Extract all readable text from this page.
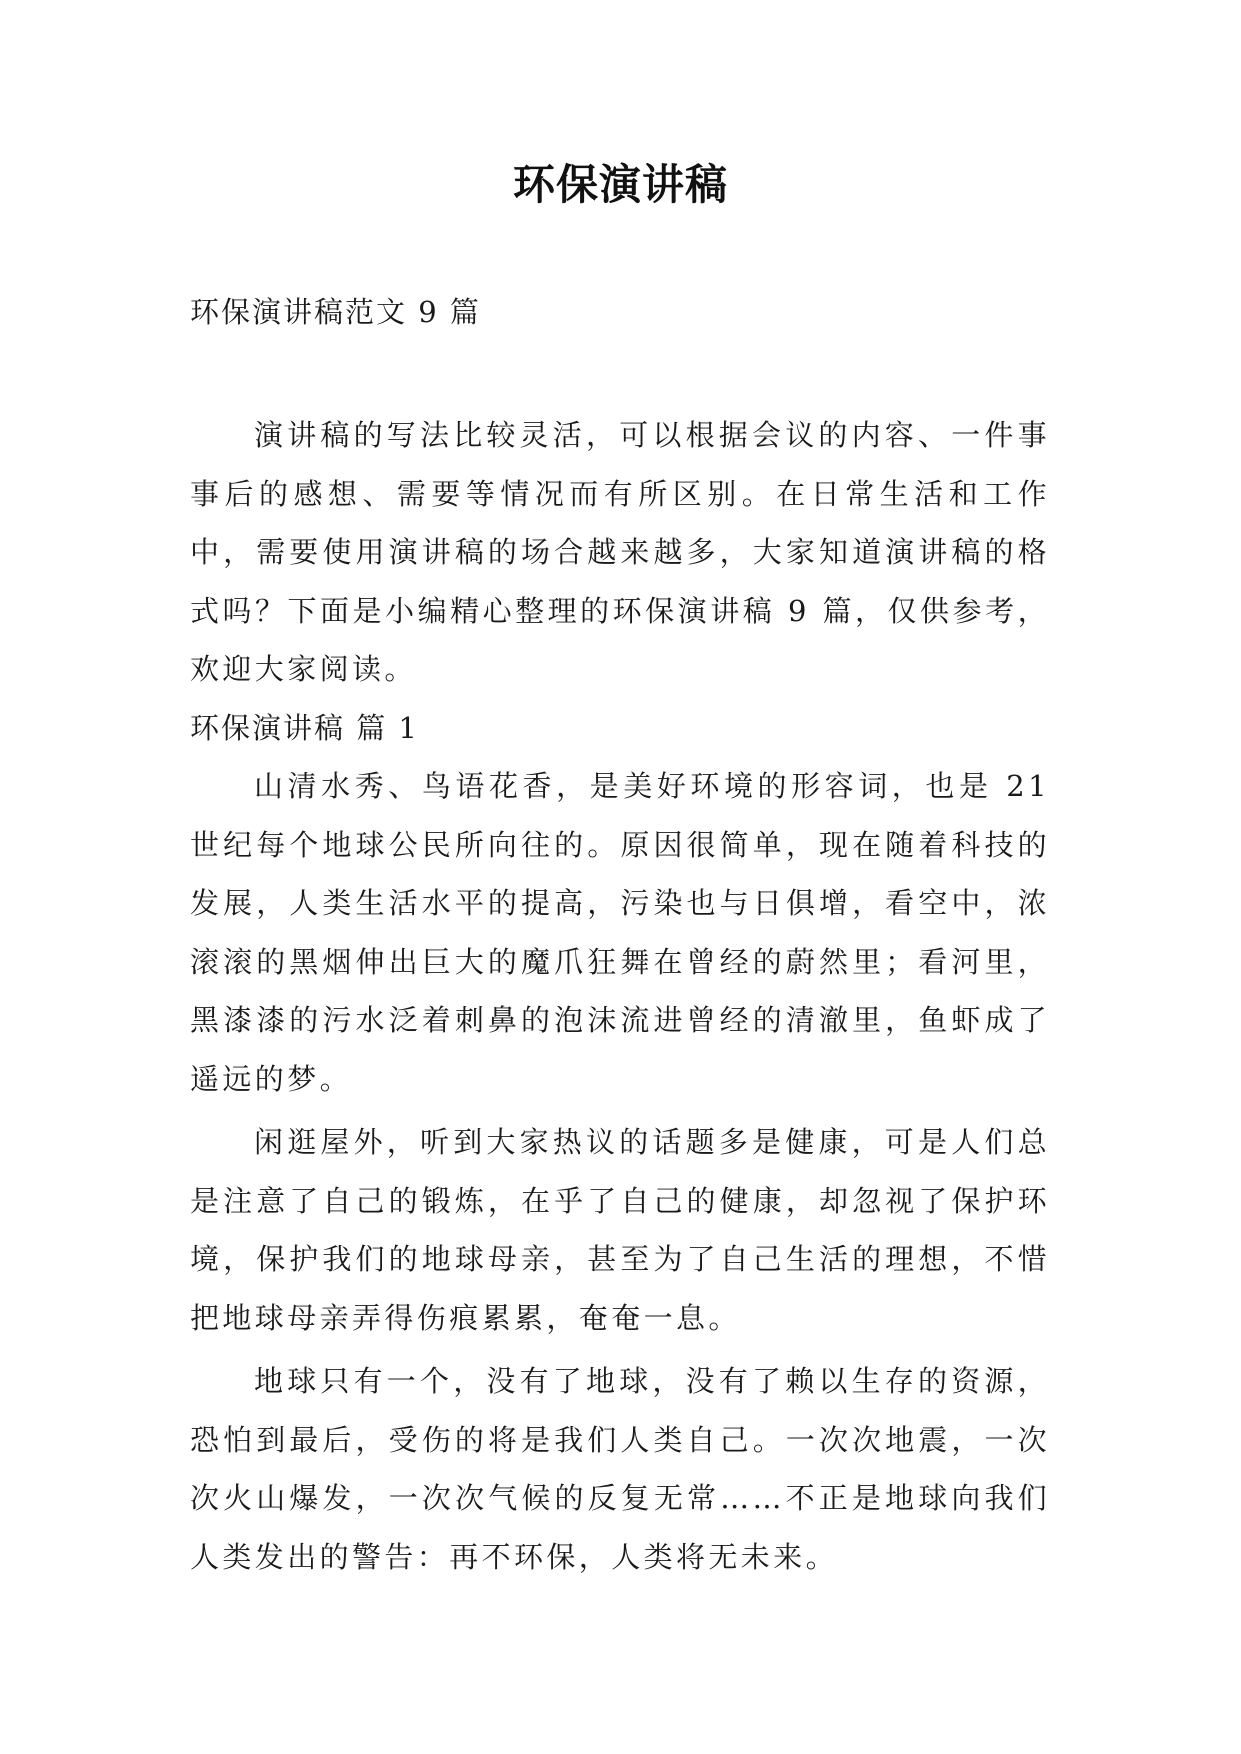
环保演讲稿
环保演讲稿范文 9 篇

演讲稿的写法比较灵活，可以根据会议的内容、一件事事后的感想、需要等情况而有所区别。在日常生活和工作中，需要使用演讲稿的场合越来越多，大家知道演讲稿的格式吗？下面是小编精心整理的环保演讲稿 9 篇，仅供参考，欢迎大家阅读。

环保演讲稿 篇 1

山清水秀、鸟语花香，是美好环境的形容词，也是 21 世纪每个地球公民所向往的。原因很简单，现在随着科技的发展，人类生活水平的提高，污染也与日俱增，看空中，浓滚滚的黑烟伸出巨大的魔爪狂舞在曾经的蔚然里；看河里，黑漆漆的污水泛着刺鼻的泡沫流进曾经的清澈里，鱼虾成了遥远的梦。

闲逛屋外，听到大家热议的话题多是健康，可是人们总是注意了自己的锻炼，在乎了自己的健康，却忽视了保护环境，保护我们的地球母亲，甚至为了自己生活的理想，不惜把地球母亲弄得伤痕累累，奄奄一息。

地球只有一个，没有了地球，没有了赖以生存的资源，恐怕到最后，受伤的将是我们人类自己。一次次地震，一次次火山爆发，一次次气候的反复无常……不正是地球向我们人类发出的警告：再不环保，人类将无未来。
